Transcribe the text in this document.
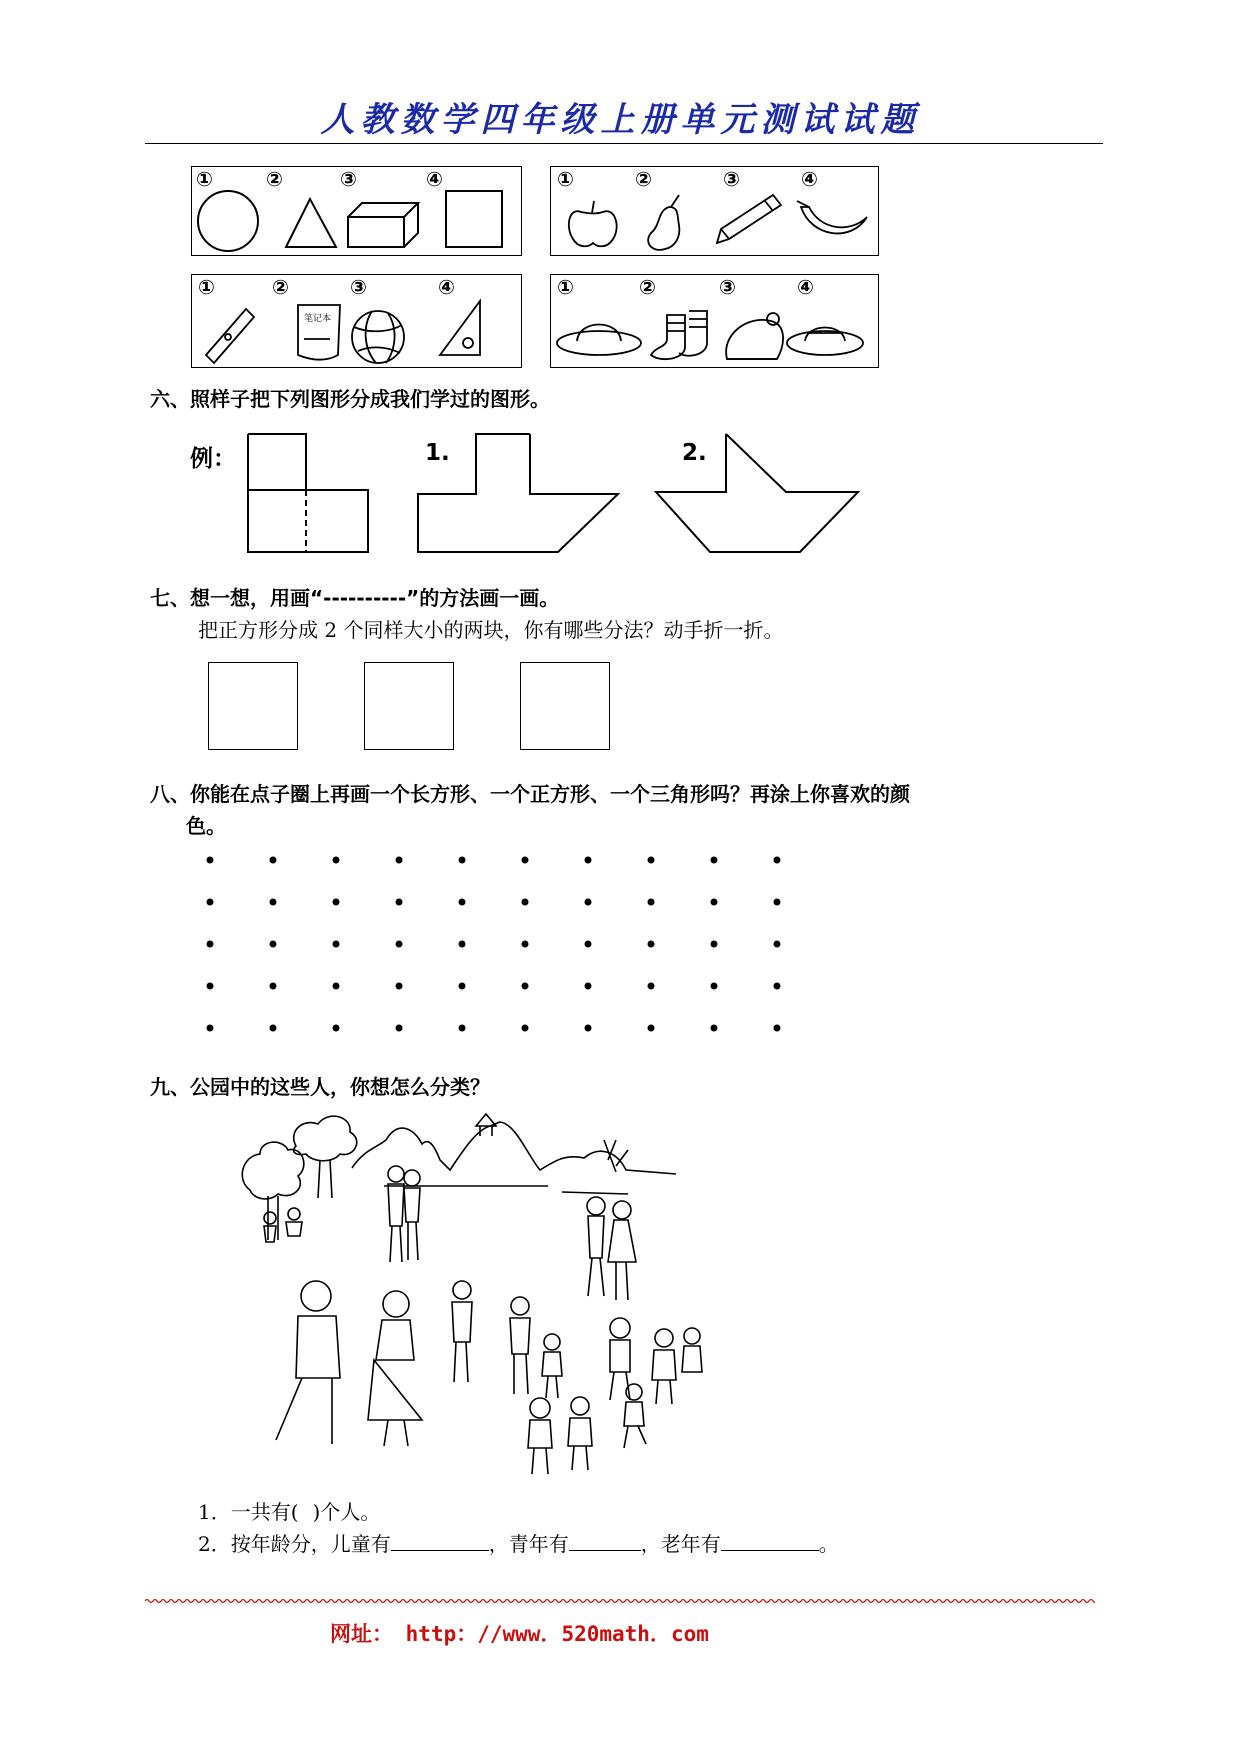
人教数学四年级上册单元测试试题
①	②	③	④	①	②	③	④
①	②	③	④
笔记本
①	②	③	④
六、照样子把下列图形分成我们学过的图形。
例：	1.	2.
七、想一想，用画“----------”的方法画一画。
把正方形分成 2 个同样大小的两块，你有哪些分法？动手折一折。
八、你能在点子圈上再画一个长方形、一个正方形、一个三角形吗？再涂上你喜欢的颜
色。
九、公园中的这些人，你想怎么分类？
1．一共有( )个人。
2．按年龄分，儿童有	，青年有	，老年有	。
网址： http：//www．520math．com
